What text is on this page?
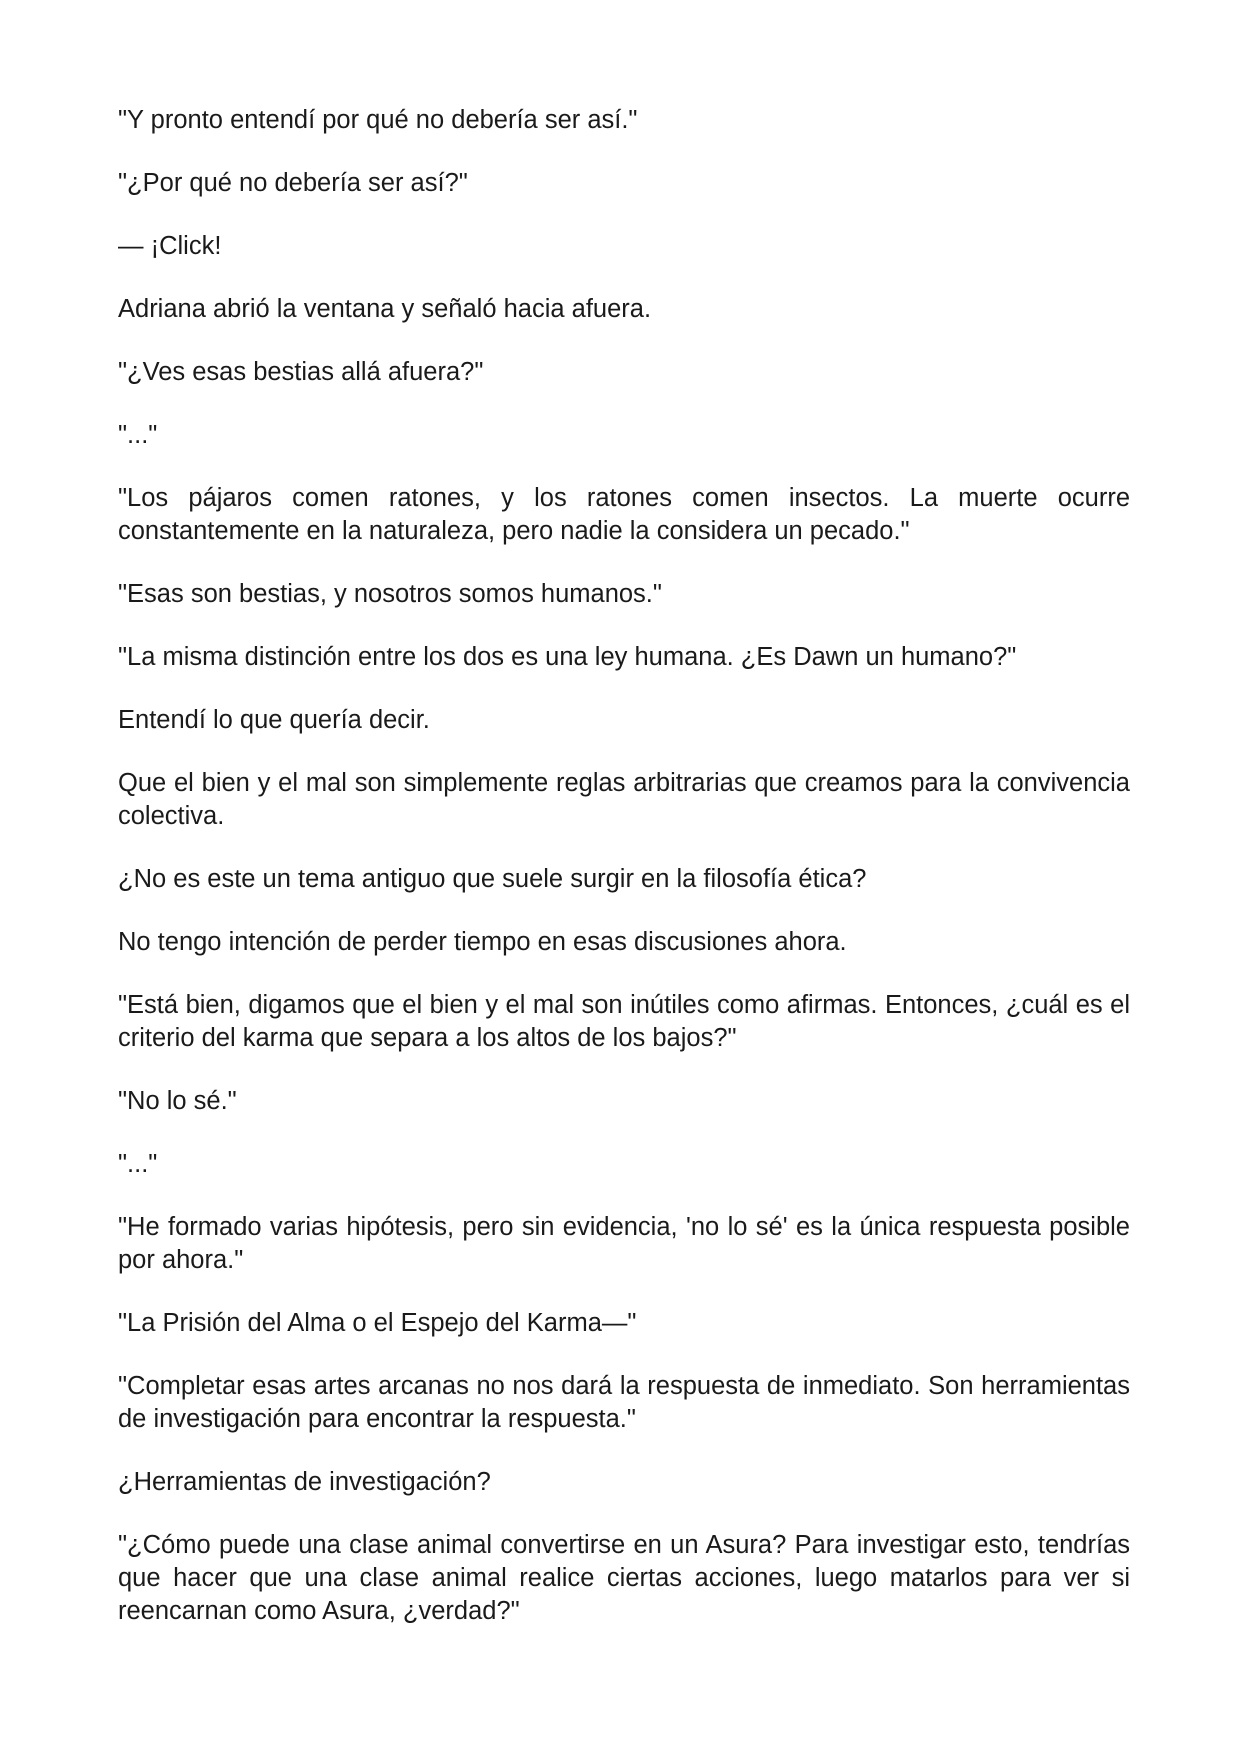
"Y pronto entendí por qué no debería ser así."

"¿Por qué no debería ser así?"

— ¡Click!

Adriana abrió la ventana y señaló hacia afuera.

"¿Ves esas bestias allá afuera?"

"..."

"Los pájaros comen ratones, y los ratones comen insectos. La muerte ocurre constantemente en la naturaleza, pero nadie la considera un pecado."

"Esas son bestias, y nosotros somos humanos."

"La misma distinción entre los dos es una ley humana. ¿Es Dawn un humano?"

Entendí lo que quería decir.

Que el bien y el mal son simplemente reglas arbitrarias que creamos para la convivencia colectiva.

¿No es este un tema antiguo que suele surgir en la filosofía ética?

No tengo intención de perder tiempo en esas discusiones ahora.

"Está bien, digamos que el bien y el mal son inútiles como afirmas. Entonces, ¿cuál es el criterio del karma que separa a los altos de los bajos?"

"No lo sé."

"..."

"He formado varias hipótesis, pero sin evidencia, 'no lo sé' es la única respuesta posible por ahora."

"La Prisión del Alma o el Espejo del Karma—"

"Completar esas artes arcanas no nos dará la respuesta de inmediato. Son herramientas de investigación para encontrar la respuesta."

¿Herramientas de investigación?

"¿Cómo puede una clase animal convertirse en un Asura? Para investigar esto, tendrías que hacer que una clase animal realice ciertas acciones, luego matarlos para ver si reencarnan como Asura, ¿verdad?"
